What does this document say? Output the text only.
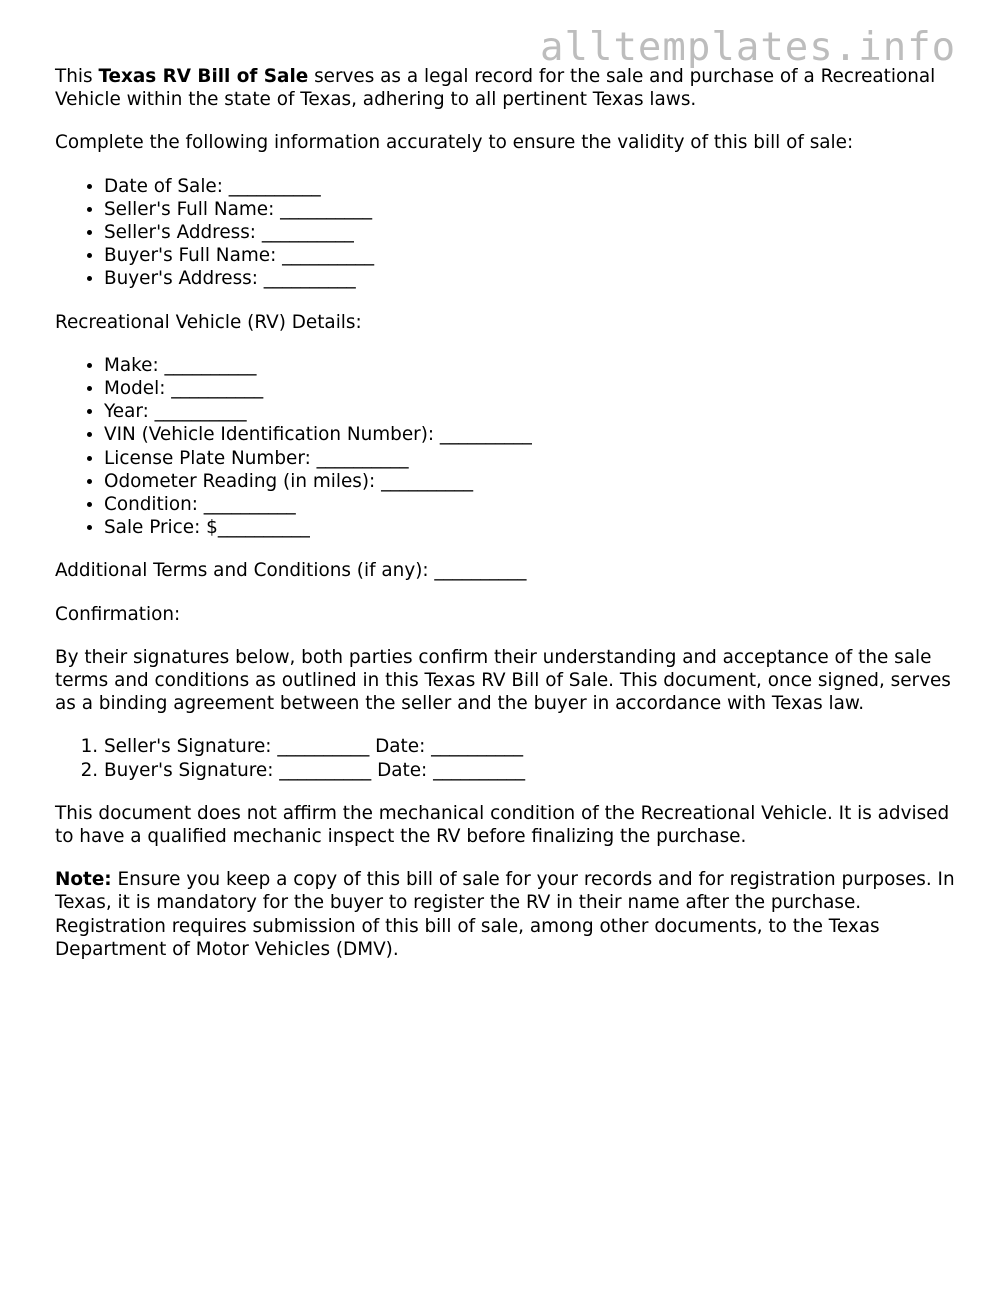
alltemplates.info

This Texas RV Bill of Sale serves as a legal record for the sale and purchase of a Recreational Vehicle within the state of Texas, adhering to all pertinent Texas laws.

Complete the following information accurately to ensure the validity of this bill of sale:

• Date of Sale: __________
• Seller's Full Name: __________
• Seller's Address: __________
• Buyer's Full Name: __________
• Buyer's Address: __________

Recreational Vehicle (RV) Details:

• Make: __________
• Model: __________
• Year: __________
• VIN (Vehicle Identification Number): __________
• License Plate Number: __________
• Odometer Reading (in miles): __________
• Condition: __________
• Sale Price: $__________

Additional Terms and Conditions (if any): __________

Confirmation:

By their signatures below, both parties confirm their understanding and acceptance of the sale terms and conditions as outlined in this Texas RV Bill of Sale. This document, once signed, serves as a binding agreement between the seller and the buyer in accordance with Texas law.

1. Seller's Signature: __________ Date: __________
2. Buyer's Signature: __________ Date: __________

This document does not affirm the mechanical condition of the Recreational Vehicle. It is advised to have a qualified mechanic inspect the RV before finalizing the purchase.

Note: Ensure you keep a copy of this bill of sale for your records and for registration purposes. In Texas, it is mandatory for the buyer to register the RV in their name after the purchase. Registration requires submission of this bill of sale, among other documents, to the Texas Department of Motor Vehicles (DMV).
